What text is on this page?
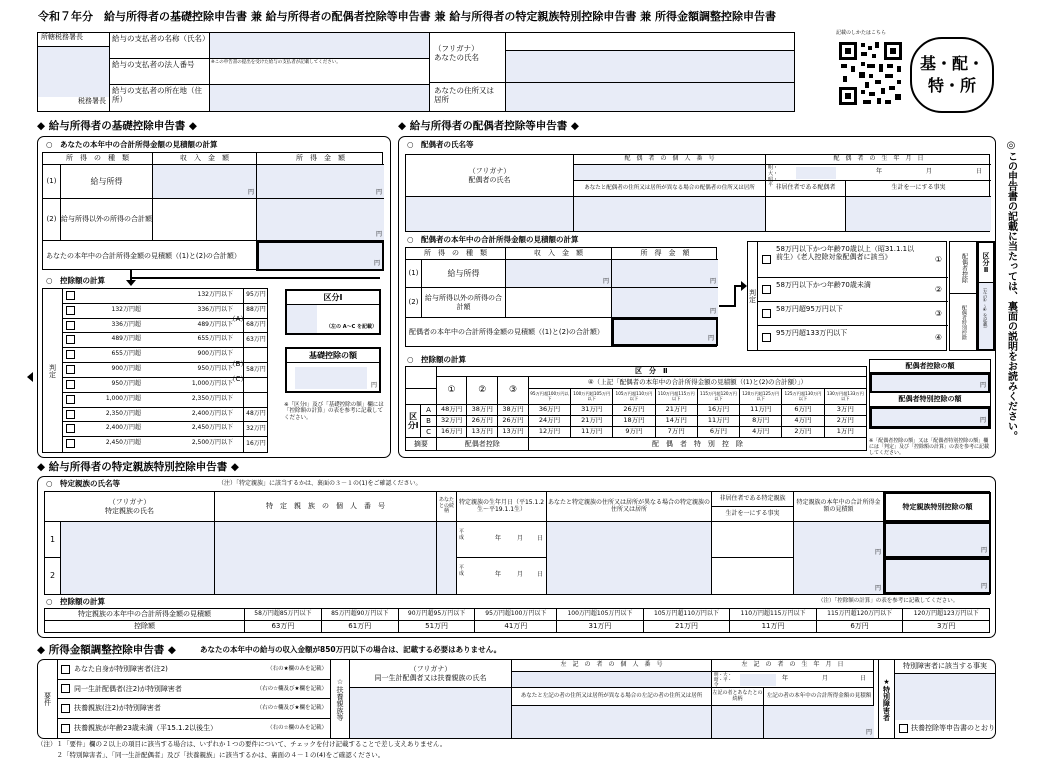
令和７年分　給与所得者の基礎控除申告書 兼 給与所得者の配偶者控除等申告書 兼 給与所得者の特定親族特別控除申告書 兼 所得金額調整控除申告書
所轄税務署長
税務署長
給与の支払者の名称（氏名）
給与の支払者の法人番号	※この申告書の提出を受けた給与の支払者が記載してください。
給与の支払者の所在地（住所）
（フリガナ）
あなたの氏名
あなたの住所又は居所
記載のしかたはこちら
基・配・特・所
◆ 給与所得者の基礎控除申告書 ◆
○　あなたの本年中の合計所得金額の見積額の計算
所　得　の　種　類	収　入　金　額	所　得　金　額
(1)	給与所得
円	円
(2) 給与所得以外の所得の合計額
円
あなたの本年中の合計所得金額の見積額（(1)と(2)の合計額）
円
○　控除額の計算
判定
132万円以下	95万円
132万円超	336万円以下	88万円
336万円超	489万円以下	68万円
489万円超	655万円以下	63万円
655万円超	900万円以下
900万円超	950万円以下	58万円
950万円超	1,000万円以下
1,000万円超	2,350万円以下
2,350万円超	2,400万円以下	48万円
2,400万円超	2,450万円以下	32万円
2,450万円超	2,500万円以下	16万円
（A）
（B）
（C）
区分Ⅰ
（左の A～C を記載）
基礎控除の額
円
※「区分Ⅰ」及び「基礎控除の額」欄には「控除額の計算」の表を参考に記載してください。
◆ 給与所得者の配偶者控除等申告書 ◆
○　配偶者の氏名等
（フリガナ）
配偶者の氏名
配　偶　者　の　個　人　番　号	配　偶　者　の　生　年　月　日
明・大・昭・平
年	月	日
あなたと配偶者の住所又は居所が異なる場合の配偶者の住所又は居所	非居住者である配偶者	生計を一にする事実
○　配偶者の本年中の合計所得金額の見積額の計算
所　得　の　種　類	収　入　金　額	所　得　金　額
(1)	給与所得
円	円
(2)
給与所得以外の所得の合計額
円
配偶者の本年中の合計所得金額の見積額（(1)と(2)の合計額）
円
判定
58万円以下かつ年齢70歳以上（昭31.1.1以前生）《老人控除対象配偶者に該当》	①
58万円以下かつ年齢70歳未満	②
58万円超95万円以下	③
95万円超133万円以下	④
配偶者控除
配偶者特別控除
区分Ⅱ
（左の①～④を記載）
○　控除額の計算
		区　分　Ⅱ										
		①	②	③	④（上記「配偶者の本年中の合計所得金額の見積額（(1)と(2)の合計額）」）							
					95万円超100万円以下	100万円超105万円以下	105万円超110万円以下	110万円超115万円以下	115万円超120万円以下	120万円超125万円以下	125万円超130万円以下	130万円超133万円以下
区分Ⅰ	A	48万円	38万円	38万円	36万円	31万円	26万円	21万円	16万円	11万円	6万円	3万円
	B	32万円	26万円	26万円	24万円	21万円	18万円	14万円	11万円	8万円	4万円	2万円
	C	16万円	13万円	13万円	12万円	11万円	9万円	7万円	6万円	4万円	2万円	1万円
摘要		配偶者控除			配　偶　者　特　別　控　除							
配偶者控除の額
円
配偶者特別控除の額
円
※「配偶者控除の額」又は「配偶者特別控除の額」欄には「判定」及び「控除額の計算」の表を参考に記載してください。
◎この申告書の記載に当たっては、裏面の説明をお読みください。
◆ 給与所得者の特定親族特別控除申告書 ◆
○　特定親族の氏名等	（注）「特定親族」に該当するかは、裏面の３－１の(1)をご確認ください。
（フリガナ）
特定親族の氏名
特　定　親　族　の　個　人　番　号
あなたとの続柄
特定親族の生年月日（平15.1.2生～平19.1.1生）
あなたと特定親族の住所又は居所が異なる場合の特定親族の住所又は居所
非居住者である特定親族
生計を一にする事実
特定親族の本年中の合計所得金額の見積額	特定親族特別控除の額
1
平成	年	月 日
円	円
2
平成	年	月 日
円	円
○　控除額の計算	（注）「控除額の計算」の表を参考に記載してください。
特定親族の本年中の合計所得金額の見積額	58万円超85万円以下	85万円超90万円以下	90万円超95万円以下	95万円超100万円以下	100万円超105万円以下	105万円超110万円以下	110万円超115万円以下	115万円超120万円以下	120万円超123万円以下
控除額	63万円	61万円	51万円	41万円	31万円	21万円	11万円	6万円	3万円
◆ 所得金額調整控除申告書 ◆	あなたの本年中の給与の収入金額が850万円以下の場合は、記載する必要はありません。
要件
あなた自身が特別障害者(注2)	（右の★欄のみを記載）
同一生計配偶者(注2)が特別障害者	（右の☆欄及び★欄を記載）
扶養親族(注2)が特別障害者	（右の☆欄及び★欄を記載）
扶養親族が年齢23歳未満（平15.1.2以後生）	（右の☆欄のみを記載）
☆扶養親族等
（フリガナ）
同一生計配偶者又は扶養親族の氏名
左　記　の　者　の　個　人　番　号
あなたと左記の者の住所又は居所が異なる場合の左記の者の住所又は居所
左　記　の　者　の　生　年　月　日
明・大・昭・平・令
年	月	日
左記の者とあなたとの続柄	左記の者の本年中の合計所得金額の見積額
円
★特別障害者
特別障害者に該当する事実
扶養控除等申告書のとおり
（注）１「要件」欄の２以上の項目に該当する場合は、いずれか１つの要件について、チェックを付け記載することで差し支えありません。
　　　２「特別障害者」、「同一生計配偶者」及び「扶養親族」に該当するかは、裏面の４－１の(4)をご確認ください。
